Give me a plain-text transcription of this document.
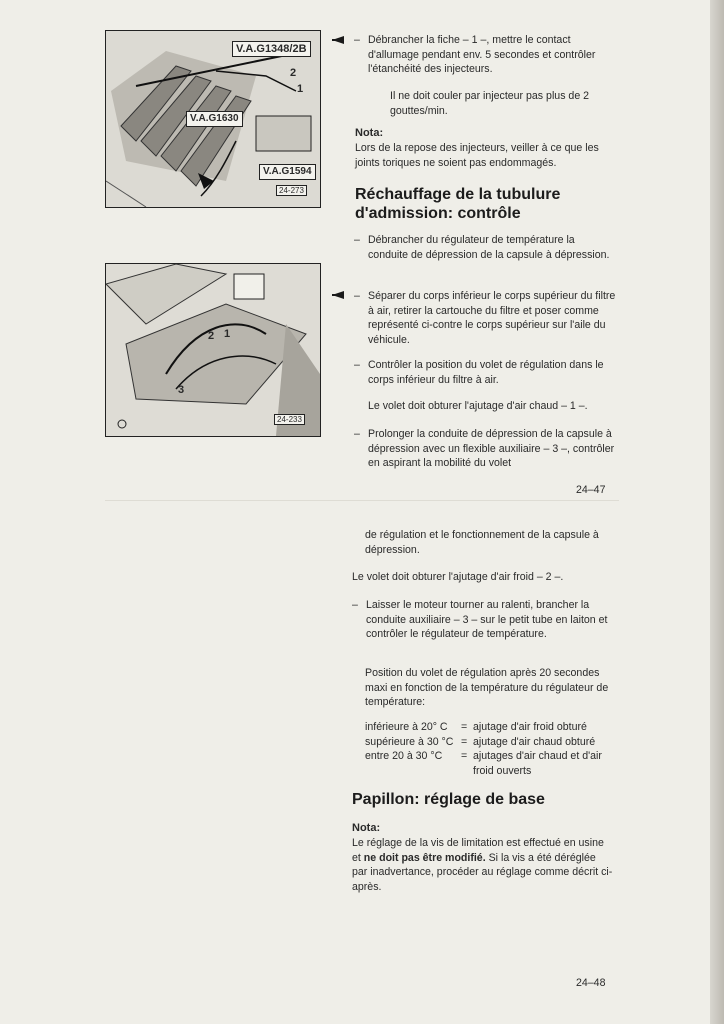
V.A.G1348/2B
V.A.G1630
V.A.G1594
2
1
24-273
2 1
3
24-233
– Débrancher la fiche – 1 –, mettre le contact d'allumage pendant env. 5 secondes et contrôler l'étanchéité des injecteurs.

Il ne doit couler par injecteur pas plus de 2 gouttes/min.

Nota:

Lors de la repose des injecteurs, veiller à ce que les joints toriques ne soient pas endommagés.

Réchauffage de la tubulure
d'admission: contrôle
– Débrancher du régulateur de température la conduite de dépression de la capsule à dépression.

– Séparer du corps inférieur le corps supérieur du filtre à air, retirer la cartouche du filtre et poser comme représenté ci-contre le corps supérieur sur l'aile du véhicule.

– Contrôler la position du volet de régulation dans le corps inférieur du filtre à air.

Le volet doit obturer l'ajutage d'air chaud – 1 –.

– Prolonger la conduite de dépression de la capsule à dépression avec un flexible auxiliaire – 3 –, contrôler en aspirant la mobilité du volet

24–47

de régulation et le fonctionnement de la capsule à dépression.

Le volet doit obturer l'ajutage d'air froid – 2 –.

– Laisser le moteur tourner au ralenti, brancher la conduite auxiliaire – 3 – sur le petit tube en laiton et contrôler le régulateur de température.

Position du volet de régulation après 20 secondes maxi en fonction de la température du régulateur de température:

inférieure à 20° C = ajutage d'air froid obturé
supérieure à 30 °C = ajutage d'air chaud obturé
entre 20 à 30 °C = ajutages d'air chaud et d'air froid ouverts
Papillon: réglage de base
Nota:

Le réglage de la vis de limitation est effectué en usine et ne doit pas être modifié. Si la vis a été déréglée par inadvertance, procéder au réglage comme décrit ci-après.

24–48
